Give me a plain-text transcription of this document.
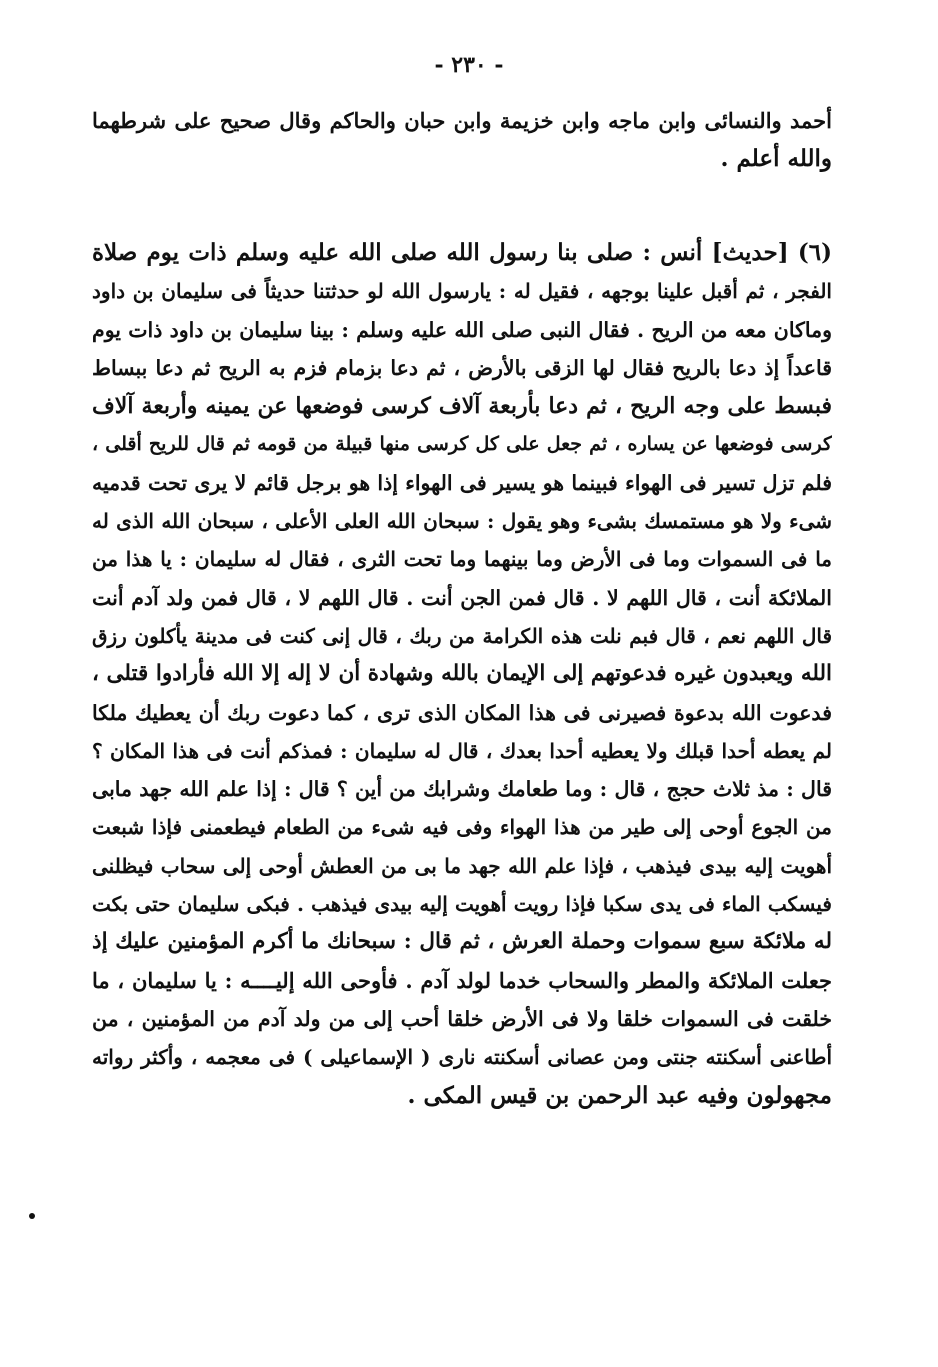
- ٢٣٠ -
أحمد والنسائى وابن ماجه وابن خزيمة وابن حبان والحاكم وقال صحيح على شرطهما
والله أعلم .
(٦) [حديث] أنس : صلى بنا رسول الله صلى الله عليه وسلم ذات يوم صلاة
الفجر ، ثم أقبل علينا بوجهه ، فقيل له : يارسول الله لو حدثتنا حديثاً فى سليمان بن داود
وماكان معه من الريح . فقال النبى صلى الله عليه وسلم : بينا سليمان بن داود ذات يوم
قاعداً إذ دعا بالريح فقال لها الزقى بالأرض ، ثم دعا بزمام فزم به الريح ثم دعا ببساط
فبسط على وجه الريح ، ثم دعا بأربعة آلاف كرسى فوضعها عن يمينه وأربعة آلاف
كرسى فوضعها عن يساره ، ثم جعل على كل كرسى منها قبيلة من قومه ثم قال للريح أقلى ،
فلم تزل تسير فى الهواء فبينما هو يسير فى الهواء إذا هو برجل قائم لا يرى تحت قدميه
شىء ولا هو مستمسك بشىء وهو يقول : سبحان الله العلى الأعلى ، سبحان الله الذى له
ما فى السموات وما فى الأرض وما بينهما وما تحت الثرى ، فقال له سليمان : يا هذا من
الملائكة أنت ، قال اللهم لا . قال فمن الجن أنت . قال اللهم لا ، قال فمن ولد آدم أنت
قال اللهم نعم ، قال فبم نلت هذه الكرامة من ربك ، قال إنى كنت فى مدينة يأكلون رزق
الله ويعبدون غيره فدعوتهم إلى الإيمان بالله وشهادة أن لا إله إلا الله فأرادوا قتلى ،
فدعوت الله بدعوة فصيرنى فى هذا المكان الذى ترى ، كما دعوت ربك أن يعطيك ملكا
لم يعطه أحدا قبلك ولا يعطيه أحدا بعدك ، قال له سليمان : فمذكم أنت فى هذا المكان ؟
قال : مذ ثلاث حجج ، قال : وما طعامك وشرابك من أين ؟ قال : إذا علم الله جهد مابى
من الجوع أوحى إلى طير من هذا الهواء وفى فيه شىء من الطعام فيطعمنى فإذا شبعت
أهويت إليه بيدى فيذهب ، فإذا علم الله جهد ما بى من العطش أوحى إلى سحاب فيظلنى
فيسكب الماء فى يدى سكبا فإذا رويت أهويت إليه بيدى فيذهب . فبكى سليمان حتى بكت
له ملائكة سبع سموات وحملة العرش ، ثم قال : سبحانك ما أكرم المؤمنين عليك إذ
جعلت الملائكة والمطر والسحاب خدما لولد آدم . فأوحى الله إليــــه : يا سليمان ، ما
خلقت فى السموات خلقا ولا فى الأرض خلقا أحب إلى من ولد آدم من المؤمنين ، من
أطاعنى أسكنته جنتى ومن عصانى أسكنته نارى ( الإسماعيلى ) فى معجمه ، وأكثر رواته
مجهولون وفيه عبد الرحمن بن قيس المكى .
